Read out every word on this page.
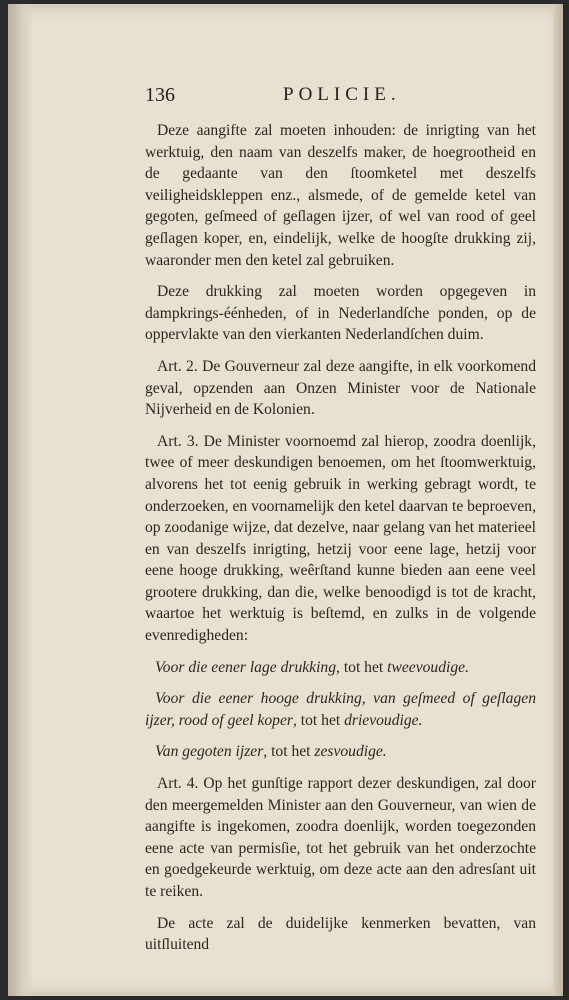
136	POLICIE.

Deze aangifte zal moeten inhouden: de inrigting van het werktuig, den naam van deszelfs maker, de hoegrootheid en de gedaante van den ſtoomketel met deszelfs veiligheidskleppen enz., alsmede, of de gemelde ketel van gegoten, geſmeed of geſlagen ijzer, of wel van rood of geel geſlagen koper, en, eindelijk, welke de hoogſte drukking zij, waaronder men den ketel zal gebruiken.

Deze drukking zal moeten worden opgegeven in dampkrings-éénheden, of in Nederlandſche ponden, op de oppervlakte van den vierkanten Nederlandſchen duim.

Art. 2. De Gouverneur zal deze aangifte, in elk voorkomend geval, opzenden aan Onzen Minister voor de Nationale Nijverheid en de Kolonien.

Art. 3. De Minister voornoemd zal hierop, zoodra doenlijk, twee of meer deskundigen benoemen, om het ſtoomwerktuig, alvorens het tot eenig gebruik in werking gebragt wordt, te onderzoeken, en voornamelijk den ketel daarvan te beproeven, op zoodanige wijze, dat dezelve, naar gelang van het materieel en van deszelfs inrigting, hetzij voor eene lage, hetzij voor eene hooge drukking, weêrſtand kunne bieden aan eene veel grootere drukking, dan die, welke benoodigd is tot de kracht, waartoe het werktuig is beſtemd, en zulks in de volgende evenredigheden:

Voor die eener lage drukking, tot het tweevoudige.

Voor die eener hooge drukking, van geſmeed of geſlagen ijzer, rood of geel koper, tot het drievoudige.

Van gegoten ijzer, tot het zesvoudige.

Art. 4. Op het gunſtige rapport dezer deskundigen, zal door den meergemelden Minister aan den Gouverneur, van wien de aangifte is ingekomen, zoodra doenlijk, worden toegezonden eene acte van permisſie, tot het gebruik van het onderzochte en goedgekeurde werktuig, om deze acte aan den adresſant uit te reiken.

De acte zal de duidelijke kenmerken bevatten, van uitſluitend
